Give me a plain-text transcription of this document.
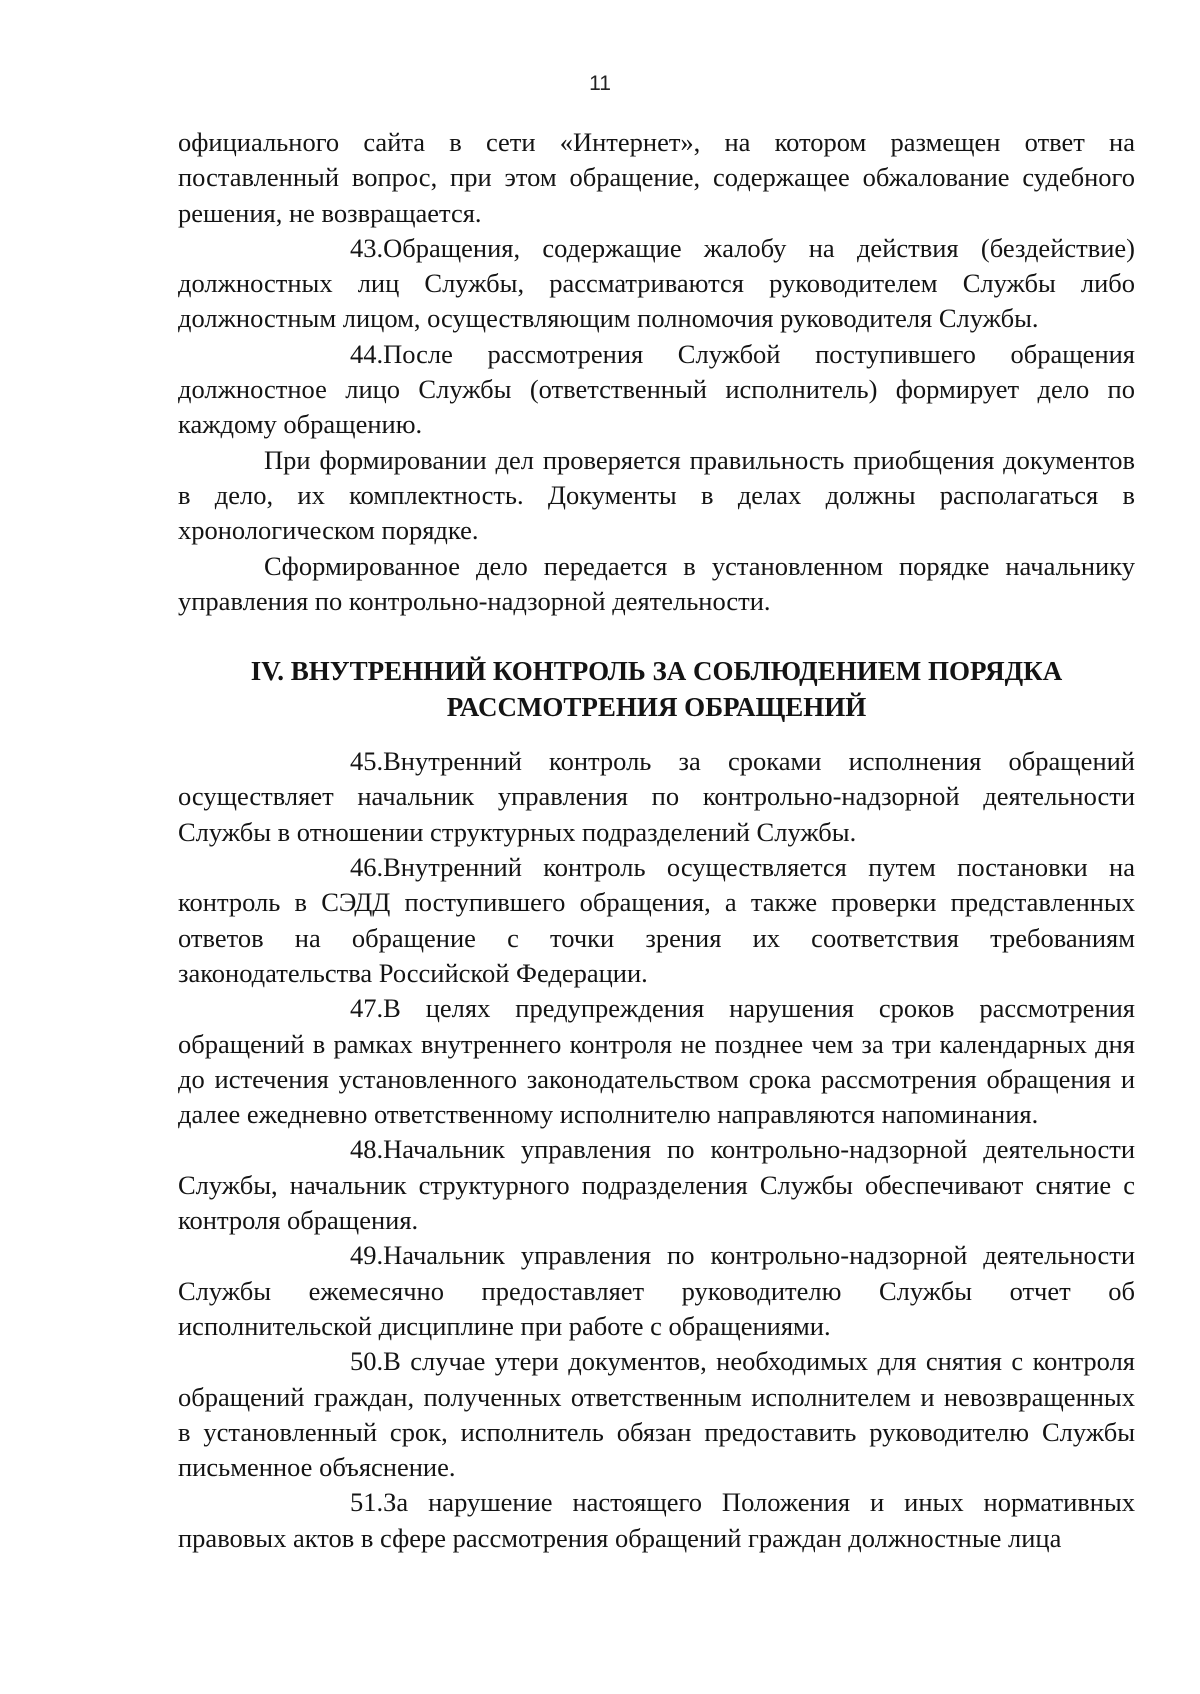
11

официального сайта в сети «Интернет», на котором размещен ответ на поставленный вопрос, при этом обращение, содержащее обжалование судебного решения, не возвращается.

43.Обращения, содержащие жалобу на действия (бездействие) должностных лиц Службы, рассматриваются руководителем Службы либо должностным лицом, осуществляющим полномочия руководителя Службы.

44.После рассмотрения Службой поступившего обращения должностное лицо Службы (ответственный исполнитель) формирует дело по каждому обращению.

При формировании дел проверяется правильность приобщения документов в дело, их комплектность. Документы в делах должны располагаться в хронологическом порядке.

Сформированное дело передается в установленном порядке начальнику управления по контрольно-надзорной деятельности.

IV. ВНУТРЕННИЙ КОНТРОЛЬ ЗА СОБЛЮДЕНИЕМ ПОРЯДКА
РАССМОТРЕНИЯ ОБРАЩЕНИЙ

45.Внутренний контроль за сроками исполнения обращений осуществляет начальник управления по контрольно-надзорной деятельности Службы в отношении структурных подразделений Службы.

46.Внутренний контроль осуществляется путем постановки на контроль в СЭДД поступившего обращения, а также проверки представленных ответов на обращение с точки зрения их соответствия требованиям законодательства Российской Федерации.

47.В целях предупреждения нарушения сроков рассмотрения обращений в рамках внутреннего контроля не позднее чем за три календарных дня до истечения установленного законодательством срока рассмотрения обращения и далее ежедневно ответственному исполнителю направляются напоминания.

48.Начальник управления по контрольно-надзорной деятельности Службы, начальник структурного подразделения Службы обеспечивают снятие с контроля обращения.

49.Начальник управления по контрольно-надзорной деятельности Службы ежемесячно предоставляет руководителю Службы отчет об исполнительской дисциплине при работе с обращениями.

50.В случае утери документов, необходимых для снятия с контроля обращений граждан, полученных ответственным исполнителем и невозвращенных в установленный срок, исполнитель обязан предоставить руководителю Службы письменное объяснение.

51.За нарушение настоящего Положения и иных нормативных правовых актов в сфере рассмотрения обращений граждан должностные лица
